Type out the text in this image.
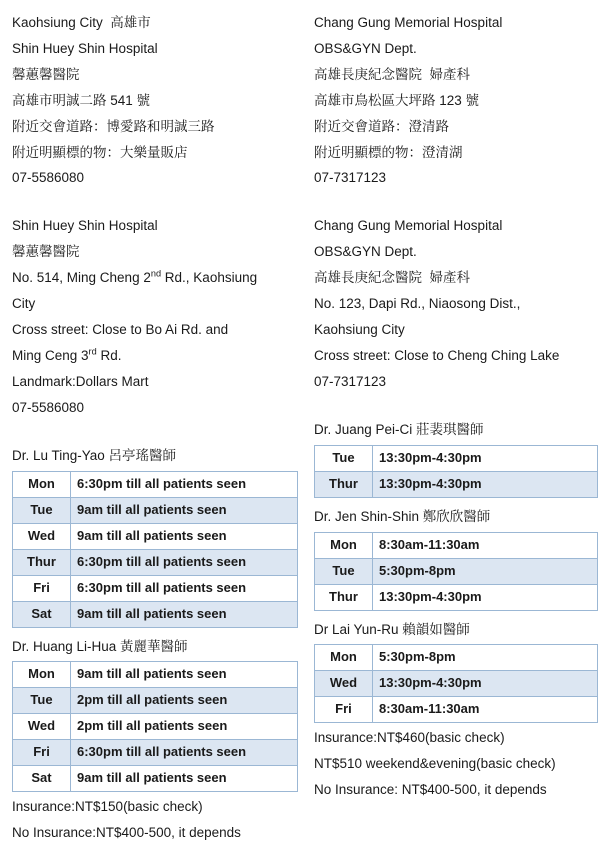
Kaohsiung City  高雄市
Shin Huey Shin Hospital
馨蕙馨醫院
高雄市明誠二路 541 號
附近交會道路：博愛路和明誠三路
附近明顯標的物：大樂量販店
07-5586080
Shin Huey Shin Hospital
馨蕙馨醫院
No. 514, Ming Cheng 2nd Rd., Kaohsiung
City
Cross street: Close to Bo Ai Rd. and
Ming Ceng 3rd Rd.
Landmark:Dollars Mart
07-5586080
Dr. Lu Ting-Yao 呂亭瑤醫師
Mon	6:30pm till all patients seen
Tue	9am till all patients seen
Wed	9am till all patients seen
Thur	6:30pm till all patients seen
Fri	6:30pm till all patients seen
Sat	9am till all patients seen
Dr. Huang Li-Hua 黃麗華醫師
Mon	9am till all patients seen
Tue	2pm till all patients seen
Wed	2pm till all patients seen
Fri	6:30pm till all patients seen
Sat	9am till all patients seen
Insurance:NT$150(basic check)
No Insurance:NT$400-500, it depends
Chang Gung Memorial Hospital
OBS&GYN Dept.
高雄長庚紀念醫院  婦產科
高雄市鳥松區大坪路 123 號
附近交會道路：澄清路
附近明顯標的物：澄清湖
07-7317123
Chang Gung Memorial Hospital
OBS&GYN Dept.
高雄長庚紀念醫院  婦產科
No. 123, Dapi Rd., Niaosong Dist.,
Kaohsiung City
Cross street: Close to Cheng Ching Lake
07-7317123
Dr. Juang Pei-Ci 莊裴琪醫師
Tue	13:30pm-4:30pm
Thur	13:30pm-4:30pm
Dr. Jen Shin-Shin 鄭欣欣醫師
Mon	8:30am-11:30am
Tue	5:30pm-8pm
Thur	13:30pm-4:30pm
Dr Lai Yun-Ru 賴韻如醫師
Mon	5:30pm-8pm
Wed	13:30pm-4:30pm
Fri	8:30am-11:30am
Insurance:NT$460(basic check)
NT$510 weekend&evening(basic check)
No Insurance: NT$400-500, it depends
